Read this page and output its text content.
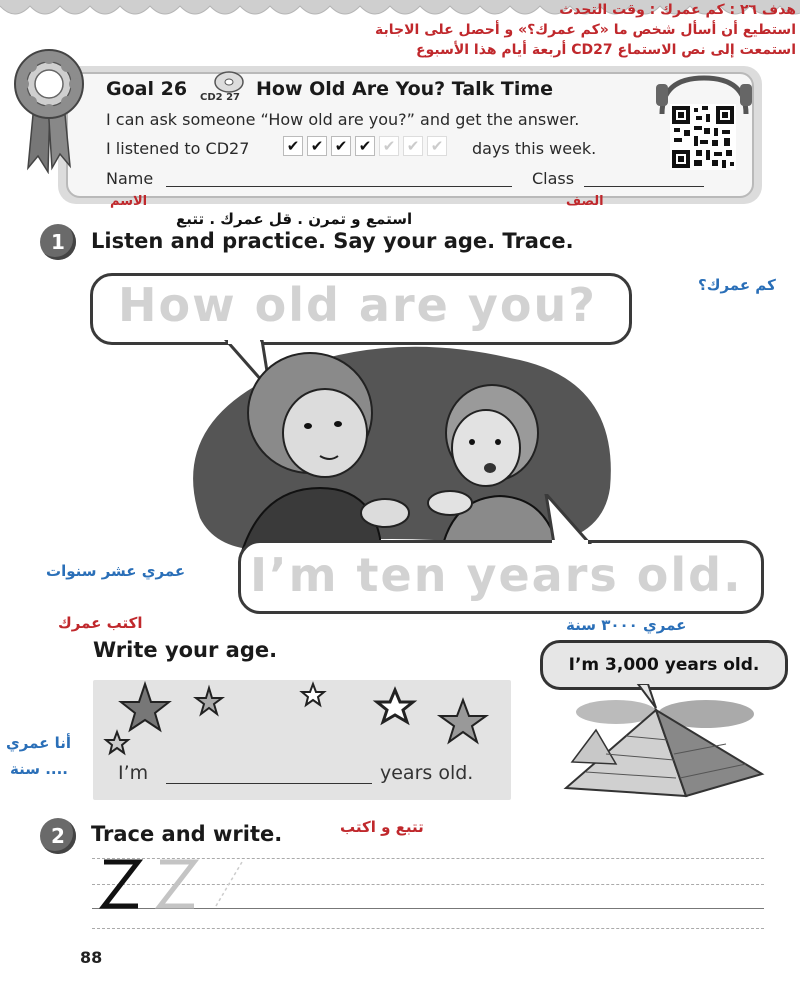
هدف ٢٦ : كم عمرك : وقت التحدث
استطيع أن أسأل شخص ما «كم عمرك؟» و أحصل على الاجابة
استمعت إلى نص الاستماع CD27 أربعة أيام هذا الأسبوع
Goal 26 CD2 27 How Old Are You? Talk Time
I can ask someone “How old are you?” and get the answer.
I listened to CD27 ✔ ✔ ✔ ✔ ✔ ✔ ✔ days this week.
Name	Class
الاسم	الصف
استمع و تمرن . قل عمرك . تتبع
1	Listen and practice. Say your age. Trace.
How old are you?	كم عمرك؟
I’m ten years old.
عمري عشر سنوات
اكتب عمرك
Write your age.
I’m	years old.
أنا عمري
.... سنة
عمري ٣٠٠٠ سنة
I’m 3,000 years old.
2	Trace and write.	تتبع و اكتب
88
